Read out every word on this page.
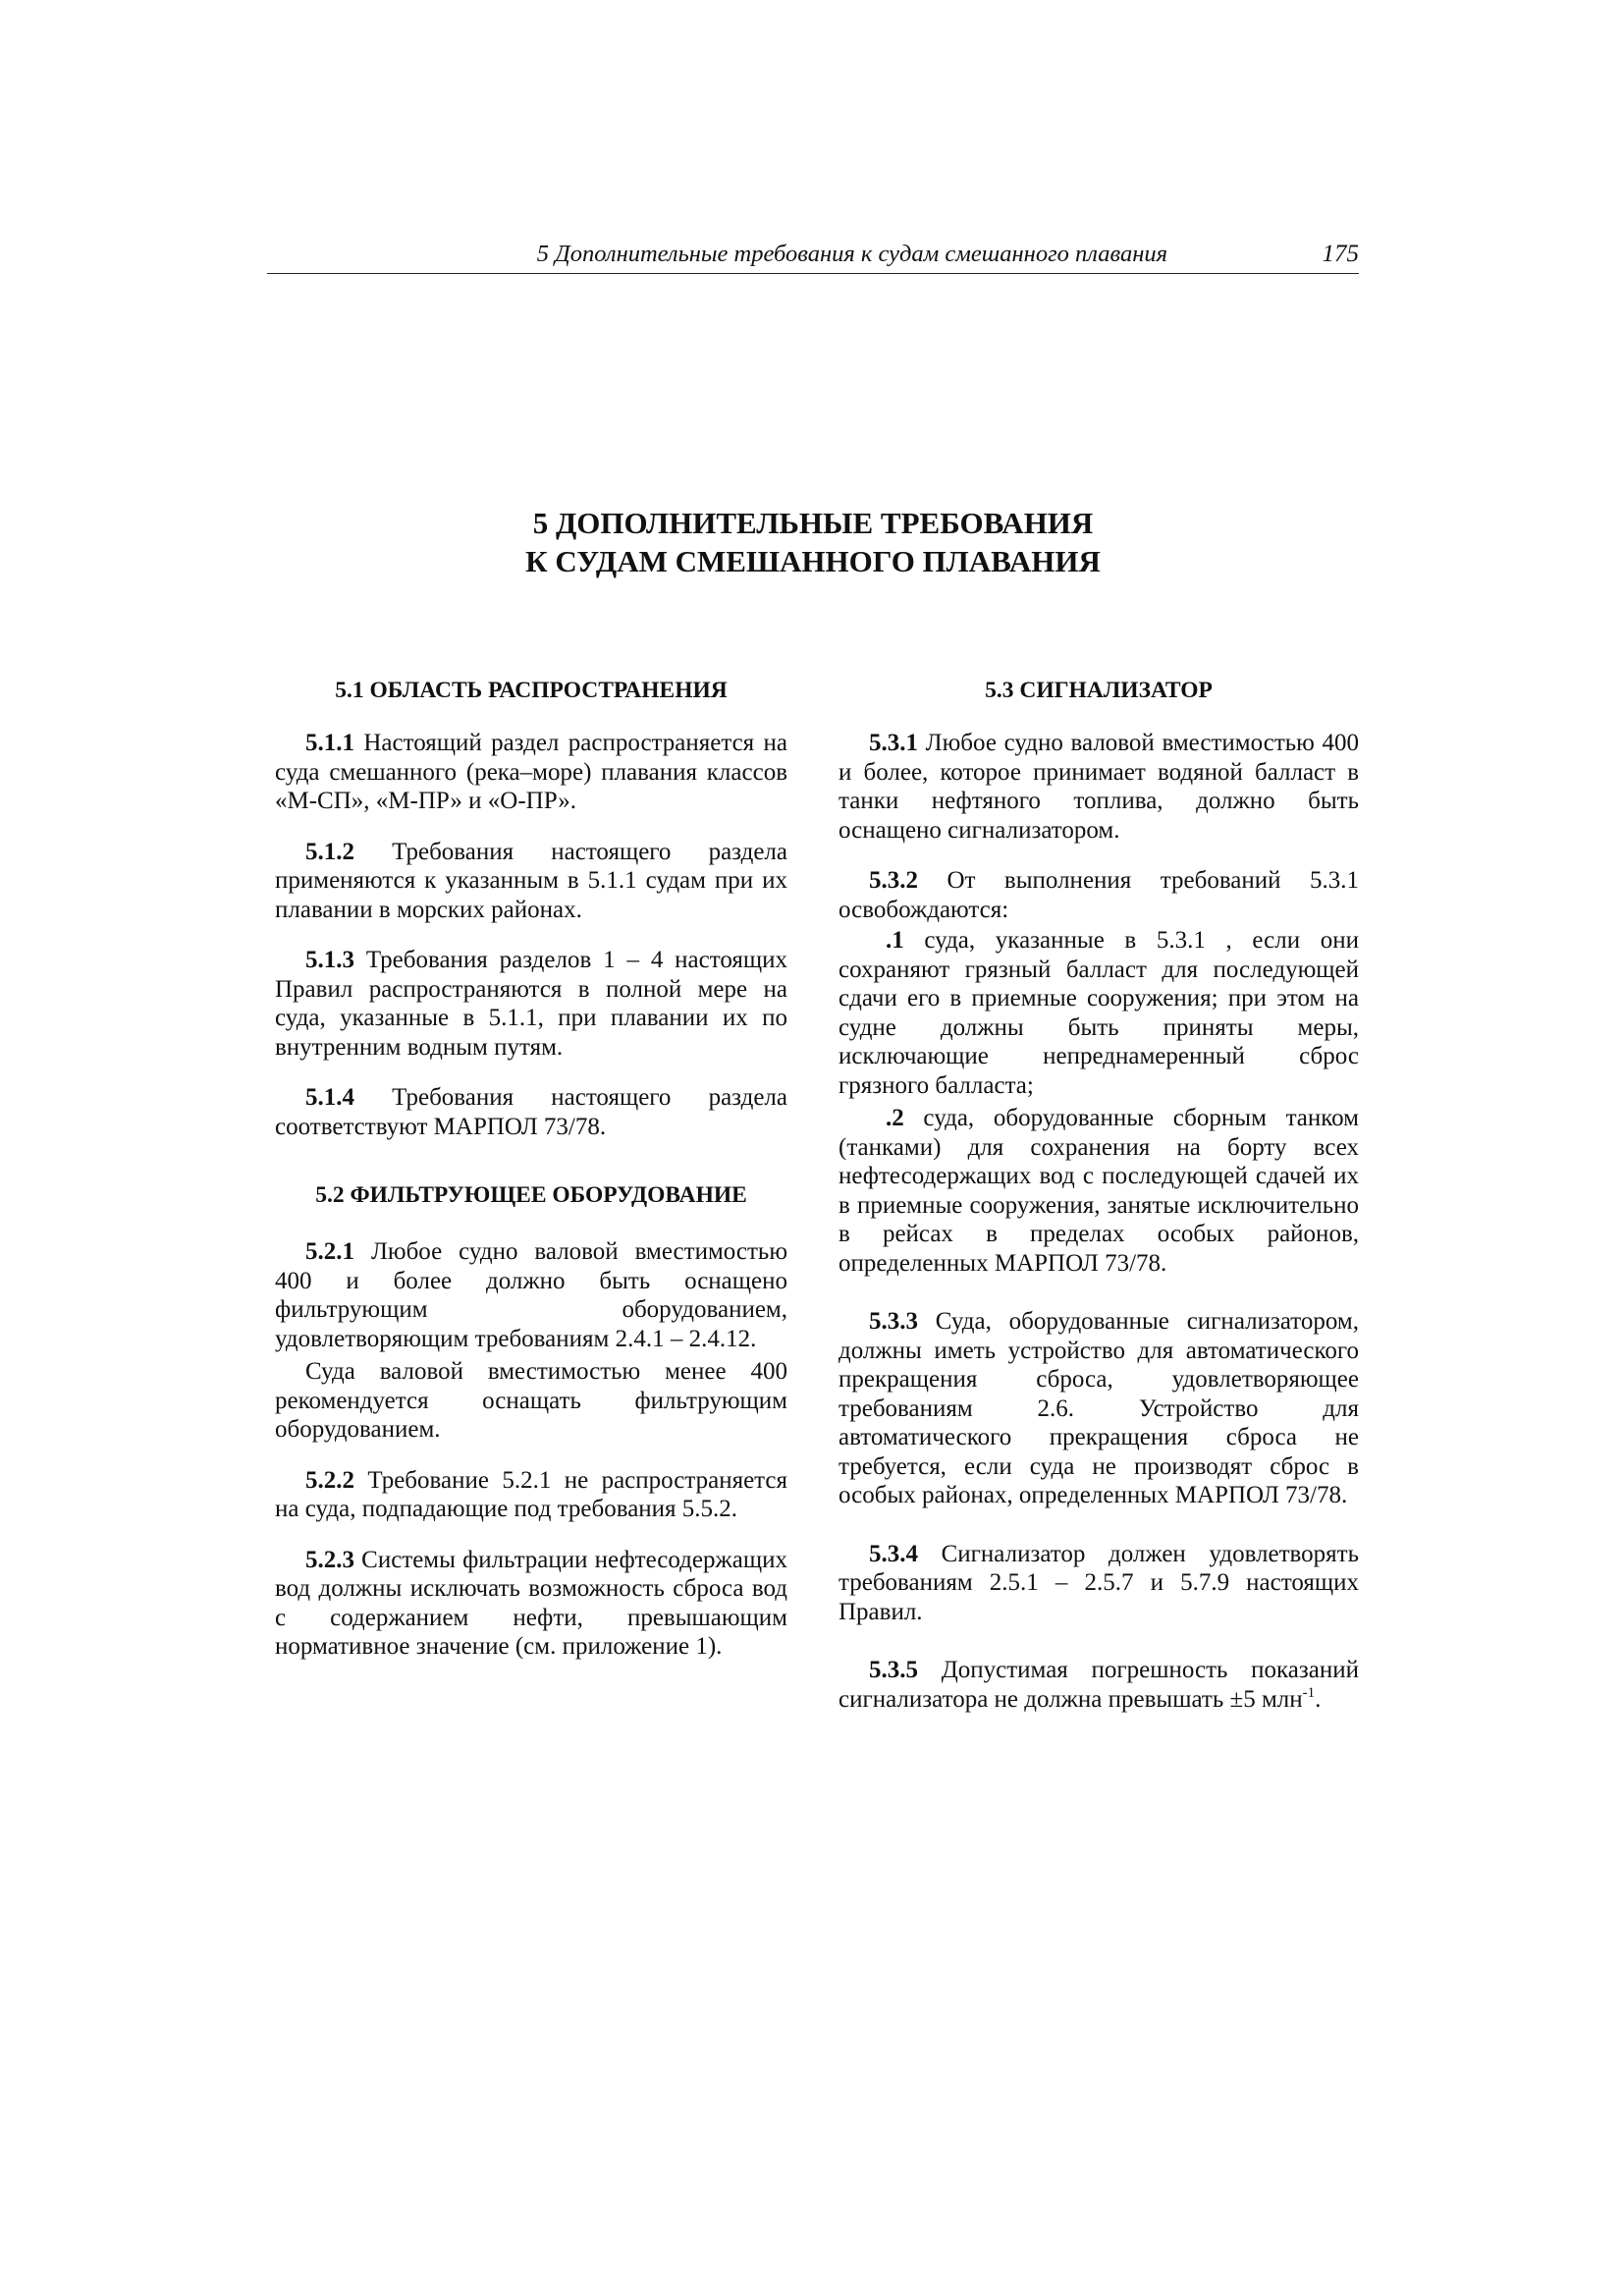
5 Дополнительные требования к судам смешанного плавания	175
5 ДОПОЛНИТЕЛЬНЫЕ ТРЕБОВАНИЯ
К СУДАМ СМЕШАННОГО ПЛАВАНИЯ
5.1 ОБЛАСТЬ РАСПРОСТРАНЕНИЯ

5.1.1 Настоящий раздел распространяется на суда смешанного (река–море) плавания классов «М-СП», «М-ПР» и «О-ПР».

5.1.2 Требования настоящего раздела применяются к указанным в 5.1.1 судам при их плавании в морских районах.

5.1.3 Требования разделов 1 – 4 настоящих Правил распространяются в полной мере на суда, указанные в 5.1.1, при плавании их по внутренним водным путям.

5.1.4 Требования настоящего раздела соответствуют МАРПОЛ 73/78.

5.2 ФИЛЬТРУЮЩЕЕ ОБОРУДОВАНИЕ

5.2.1 Любое судно валовой вместимостью 400 и более должно быть оснащено фильтрующим оборудованием, удовлетворяющим требованиям 2.4.1 – 2.4.12.

Суда валовой вместимостью менее 400 рекомендуется оснащать фильтрующим оборудованием.

5.2.2 Требование 5.2.1 не распространяется на суда, подпадающие под требования 5.5.2.

5.2.3 Системы фильтрации нефтесодержащих вод должны исключать возможность сброса вод с содержанием нефти, превышающим нормативное значение (см. приложение 1).

5.3 СИГНАЛИЗАТОР

5.3.1 Любое судно валовой вместимостью 400 и более, которое принимает водяной балласт в танки нефтяного топлива, должно быть оснащено сигнализатором.

5.3.2 От выполнения требований 5.3.1 освобождаются:

.1 суда, указанные в 5.3.1 , если они сохраняют грязный балласт для последующей сдачи его в приемные сооружения; при этом на судне должны быть приняты меры, исключающие непреднамеренный сброс грязного балласта;

.2 суда, оборудованные сборным танком (танками) для сохранения на борту всех нефтесодержащих вод с последующей сдачей их в приемные сооружения, занятые исключительно в рейсах в пределах особых районов, определенных МАРПОЛ 73/78.

5.3.3 Суда, оборудованные сигнализатором, должны иметь устройство для автоматического прекращения сброса, удовлетворяющее требованиям 2.6. Устройство для автоматического прекращения сброса не требуется, если суда не производят сброс в особых районах, определенных МАРПОЛ 73/78.

5.3.4 Сигнализатор должен удовлетворять требованиям 2.5.1 – 2.5.7 и 5.7.9 настоящих Правил.

5.3.5 Допустимая погрешность показаний сигнализатора не должна превышать ±5 млн$^{-1}$.
